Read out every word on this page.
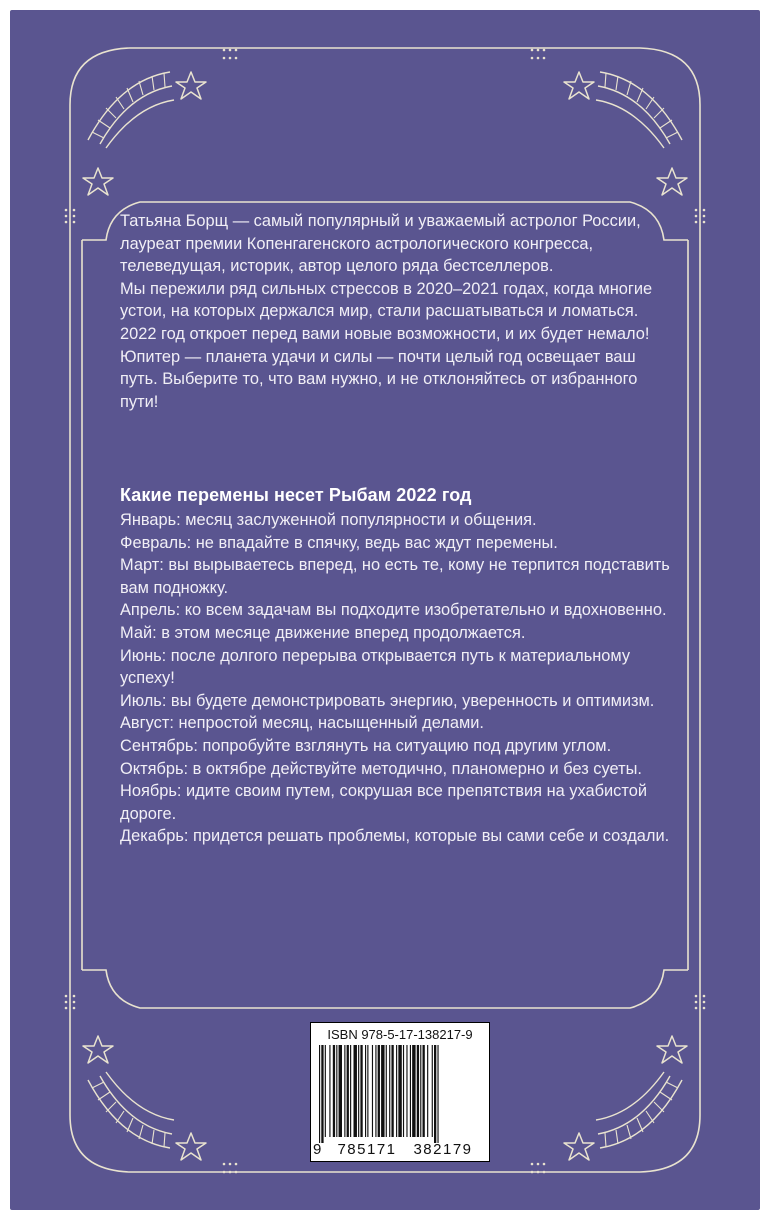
Татьяна Борщ — самый популярный и уважаемый астролог России, лауреат премии Копенгагенского астрологического конгресса, телеведущая, историк, автор целого ряда бестселлеров.

Мы пережили ряд сильных стрессов в 2020–2021 годах, когда многие устои, на которых держался мир, стали расшатываться и ломаться.

2022 год откроет перед вами новые возможности, и их будет немало! Юпитер — планета удачи и силы — почти целый год освещает ваш путь. Выберите то, что вам нужно, и не отклоняйтесь от избранного пути!

Какие перемены несет Рыбам 2022 год

Январь: месяц заслуженной популярности и общения.

Февраль: не впадайте в спячку, ведь вас ждут перемены.

Март: вы вырываетесь вперед, но есть те, кому не терпится подставить вам подножку.

Апрель: ко всем задачам вы подходите изобретательно и вдохновенно.

Май: в этом месяце движение вперед продолжается.

Июнь: после долгого перерыва открывается путь к материальному успеху!

Июль: вы будете демонстрировать энергию, уверенность и оптимизм.

Август: непростой месяц, насыщенный делами.

Сентябрь: попробуйте взглянуть на ситуацию под другим углом.

Октябрь: в октябре действуйте методично, планомерно и без суеты.

Ноябрь: идите своим путем, сокрушая все препятствия на ухабистой дороге.

Декабрь: придется решать проблемы, которые вы сами себе и создали.

ISBN 978-5-17-138217-9
9	785171	382179
